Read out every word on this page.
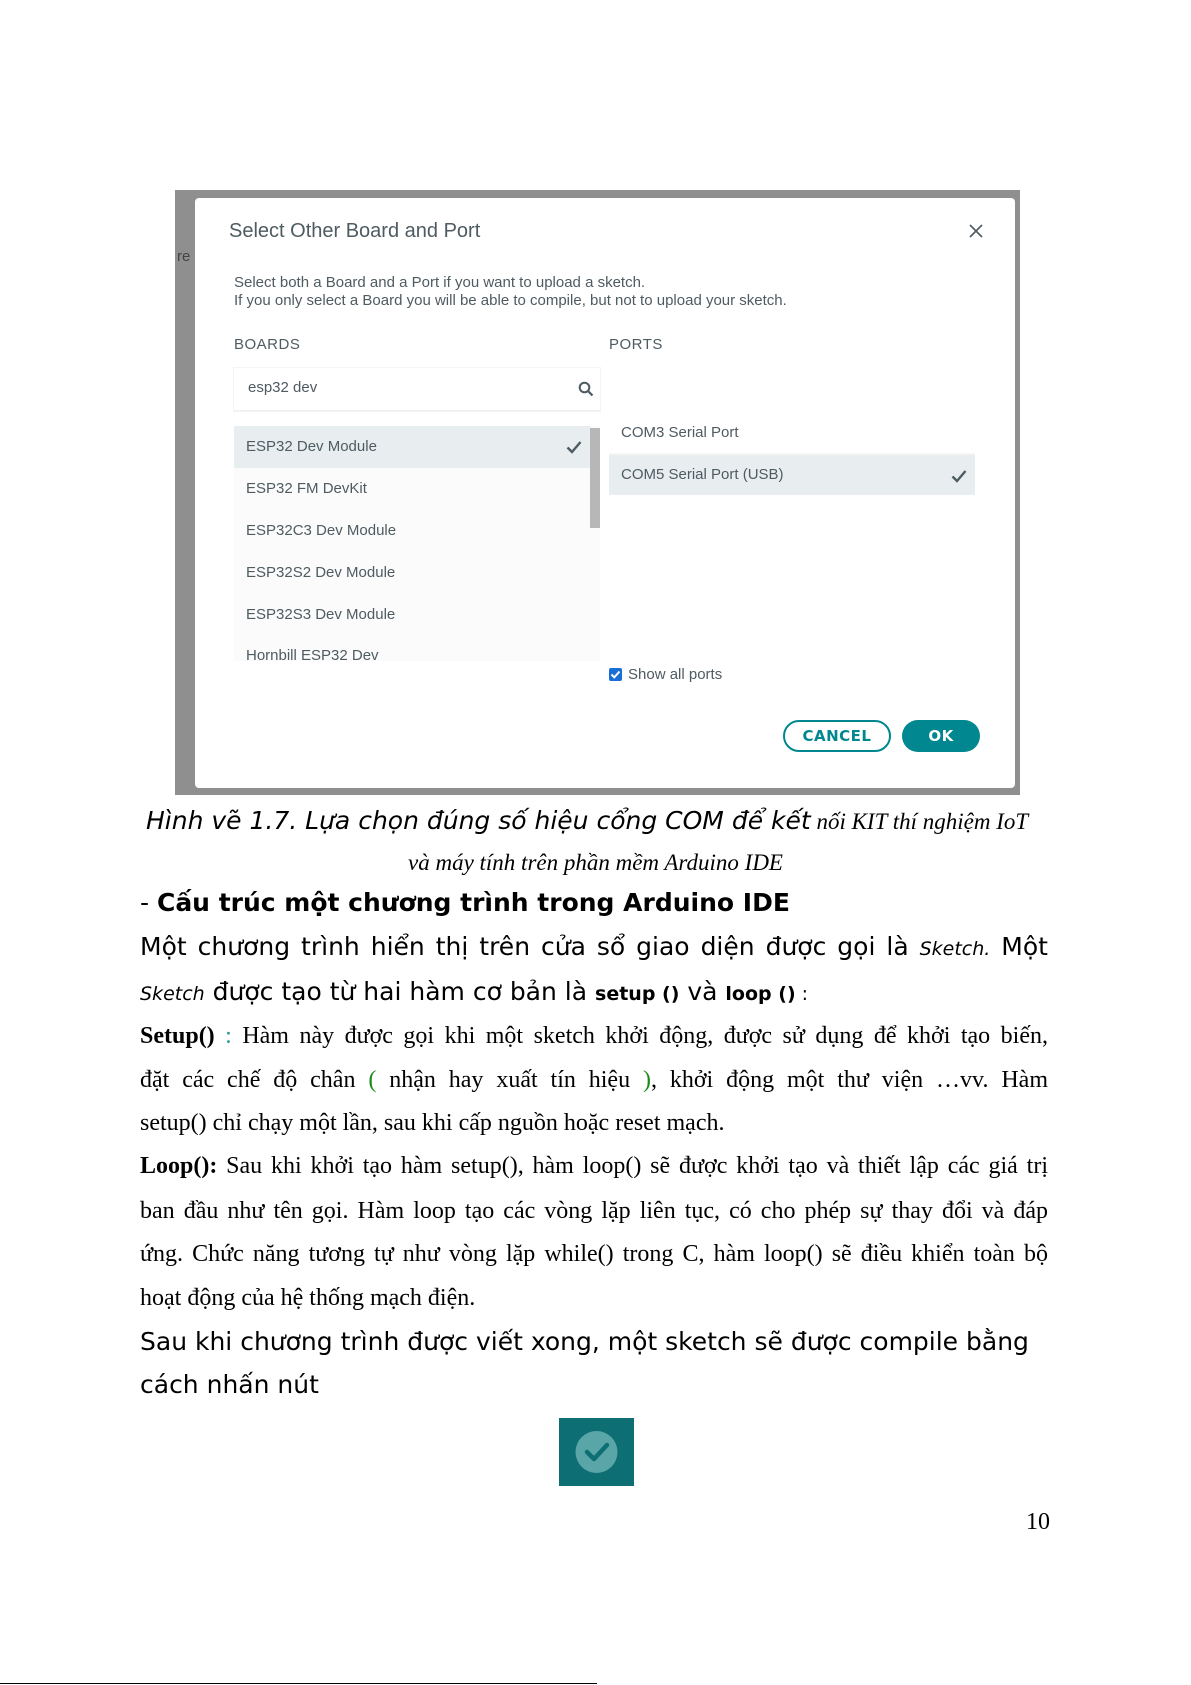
re
Select Other Board and Port
Select both a Board and a Port if you want to upload a sketch.
If you only select a Board you will be able to compile, but not to upload your sketch.
BOARDS	PORTS
esp32 dev
ESP32 Dev Module
ESP32 FM DevKit
ESP32C3 Dev Module
ESP32S2 Dev Module
ESP32S3 Dev Module
Hornbill ESP32 Dev
COM3 Serial Port
COM5 Serial Port (USB)
Show all ports
CANCEL	OK
Hình vẽ 1.7. Lựa chọn đúng số hiệu cổng COM để kết nối KIT thí nghiệm IoT
và máy tính trên phần mềm Arduino IDE
- Cấu trúc một chương trình trong Arduino IDE
Một chương trình hiển thị trên cửa sổ giao diện được gọi là Sketch. Một
Sketch được tạo từ hai hàm cơ bản là setup () và loop () :
Setup() : Hàm này được gọi khi một sketch khởi động, được sử dụng để khởi tạo biến,
đặt các chế độ chân ( nhận hay xuất tín hiệu ), khởi động một thư viện …vv. Hàm
setup() chỉ chạy một lần, sau khi cấp nguồn hoặc reset mạch.
Loop(): Sau khi khởi tạo hàm setup(), hàm loop() sẽ được khởi tạo và thiết lập các giá trị
ban đầu như tên gọi. Hàm loop tạo các vòng lặp liên tục, có cho phép sự thay đổi và đáp
ứng. Chức năng tương tự như vòng lặp while() trong C, hàm loop() sẽ điều khiển toàn bộ
hoạt động của hệ thống mạch điện.
Sau khi chương trình được viết xong, một sketch sẽ được compile bằng
cách nhấn nút
10
